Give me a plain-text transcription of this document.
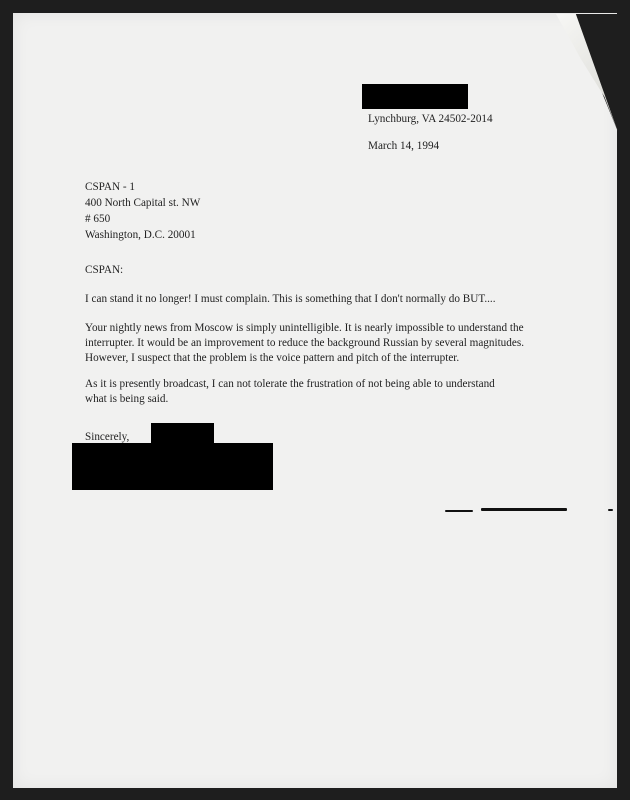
Lynchburg, VA 24502-2014
March 14, 1994
CSPAN - 1
400 North Capital st. NW
# 650
Washington, D.C. 20001
CSPAN:
I can stand it no longer! I must complain. This is something that I don't normally do BUT....
Your nightly news from Moscow is simply unintelligible. It is nearly impossible to understand the interrupter. It would be an improvement to reduce the background Russian by several magnitudes. However, I suspect that the problem is the voice pattern and pitch of the interrupter.
As it is presently broadcast, I can not tolerate the frustration of not being able to understand what is being said.
Sincerely,
